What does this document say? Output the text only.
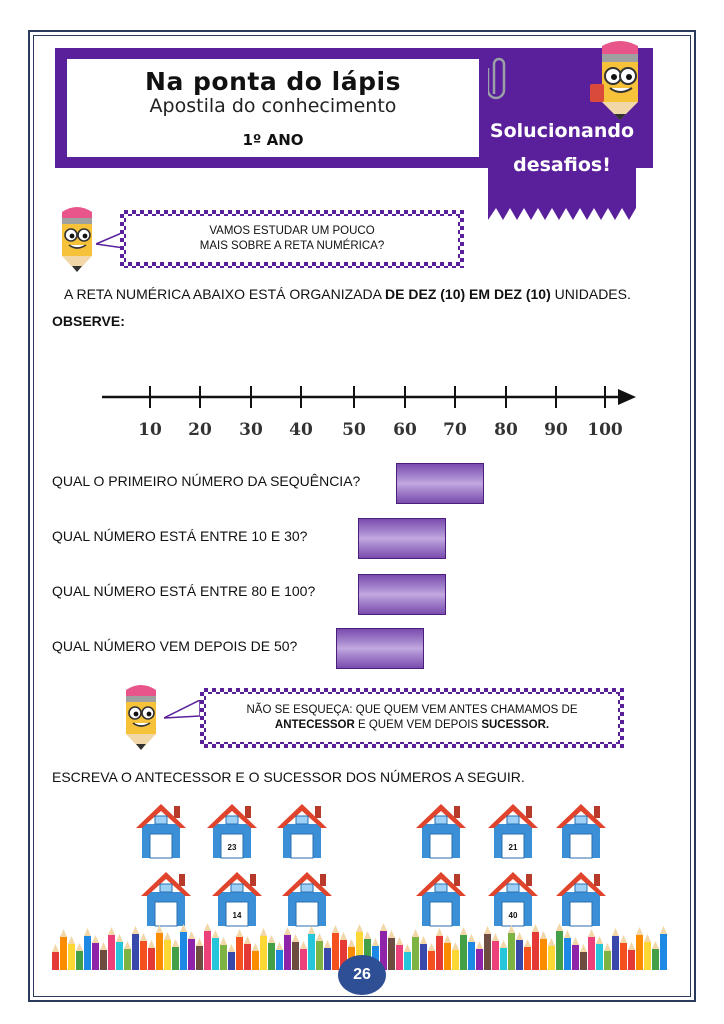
Na ponta do lápis
Apostila do conhecimento
1º ANO	Solucionando
desafios!
VAMOS ESTUDAR UM POUCO
MAIS SOBRE A RETA NUMÉRICA?
A RETA NUMÉRICA ABAIXO ESTÁ ORGANIZADA DE DEZ (10) EM DEZ (10) UNIDADES.
OBSERVE:
10 20 30 40 50 60 70 80 90 100
QUAL O PRIMEIRO NÚMERO DA SEQUÊNCIA?
QUAL NÚMERO ESTÁ ENTRE 10 E 30?
QUAL NÚMERO ESTÁ ENTRE 80 E 100?
QUAL NÚMERO VEM DEPOIS DE 50?
NÃO SE ESQUEÇA: QUE QUEM VEM ANTES CHAMAMOS DE
ANTECESSOR E QUEM VEM DEPOIS SUCESSOR.
ESCREVA O ANTECESSOR E O SUCESSOR DOS NÚMEROS A SEGUIR.
23	21
14	40
26
